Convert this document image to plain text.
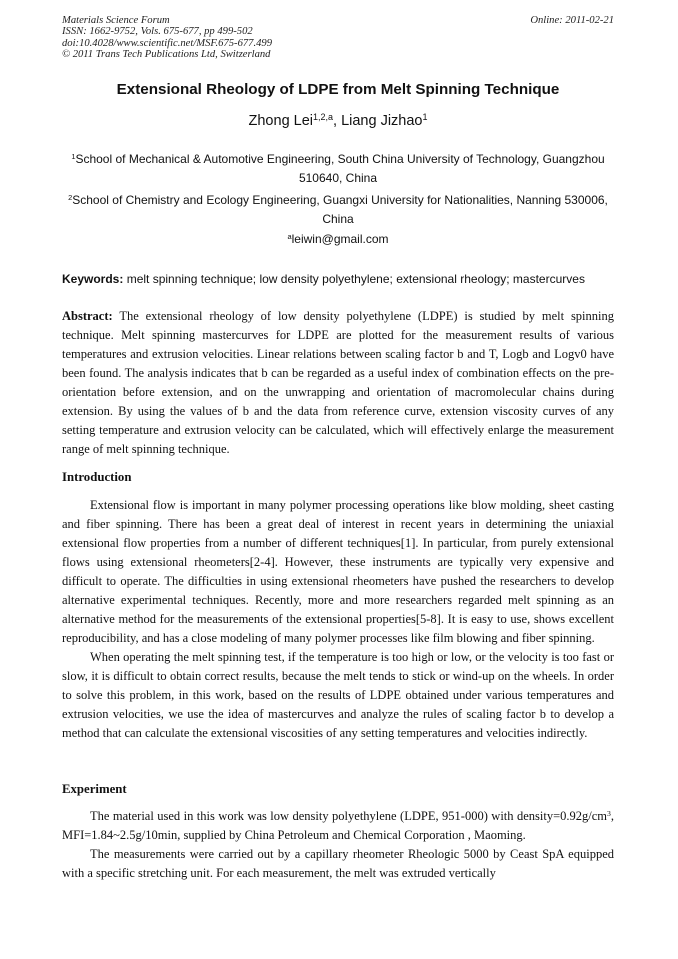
Materials Science Forum
ISSN: 1662-9752, Vols. 675-677, pp 499-502
doi:10.4028/www.scientific.net/MSF.675-677.499
© 2011 Trans Tech Publications Ltd, Switzerland
Online: 2011-02-21
Extensional Rheology of LDPE from Melt Spinning Technique
Zhong Lei$^{1,2,a}$, Liang Jizhao$^1$
$^1$School of Mechanical & Automotive Engineering, South China University of Technology, Guangzhou 510640, China
$^2$School of Chemistry and Ecology Engineering, Guangxi University for Nationalities, Nanning 530006, China
$^a$leiwin@gmail.com
Keywords: melt spinning technique; low density polyethylene; extensional rheology; mastercurves
Abstract: The extensional rheology of low density polyethylene (LDPE) is studied by melt spinning technique. Melt spinning mastercurves for LDPE are plotted for the measurement results of various temperatures and extrusion velocities. Linear relations between scaling factor b and T, Logb and Logv0 have been found. The analysis indicates that b can be regarded as a useful index of combination effects on the pre-orientation before extension, and on the unwrapping and orientation of macromolecular chains during extension. By using the values of b and the data from reference curve, extension viscosity curves of any setting temperature and extrusion velocity can be calculated, which will effectively enlarge the measurement range of melt spinning technique.
Introduction

Extensional flow is important in many polymer processing operations like blow molding, sheet casting and fiber spinning. There has been a great deal of interest in recent years in determining the uniaxial extensional flow properties from a number of different techniques[1]. In particular, from purely extensional flows using extensional rheometers[2-4]. However, these instruments are typically very expensive and difficult to operate. The difficulties in using extensional rheometers have pushed the researchers to develop alternative experimental techniques. Recently, more and more researchers regarded melt spinning as an alternative method for the measurements of the extensional properties[5-8]. It is easy to use, shows excellent reproducibility, and has a close modeling of many polymer processes like film blowing and fiber spinning.

When operating the melt spinning test, if the temperature is too high or low, or the velocity is too fast or slow, it is difficult to obtain correct results, because the melt tends to stick or wind-up on the wheels. In order to solve this problem, in this work, based on the results of LDPE obtained under various temperatures and extrusion velocities, we use the idea of mastercurves and analyze the rules of scaling factor b to develop a method that can calculate the extensional viscosities of any setting temperatures and velocities indirectly.

Experiment

The material used in this work was low density polyethylene (LDPE, 951-000) with $density=0.92g/cm^3$, MFI=1.84~2.5g/10min, supplied by China Petroleum and Chemical Corporation , Maoming.

The measurements were carried out by a capillary rheometer Rheologic 5000 by Ceast SpA equipped with a specific stretching unit. For each measurement, the melt was extruded vertically
